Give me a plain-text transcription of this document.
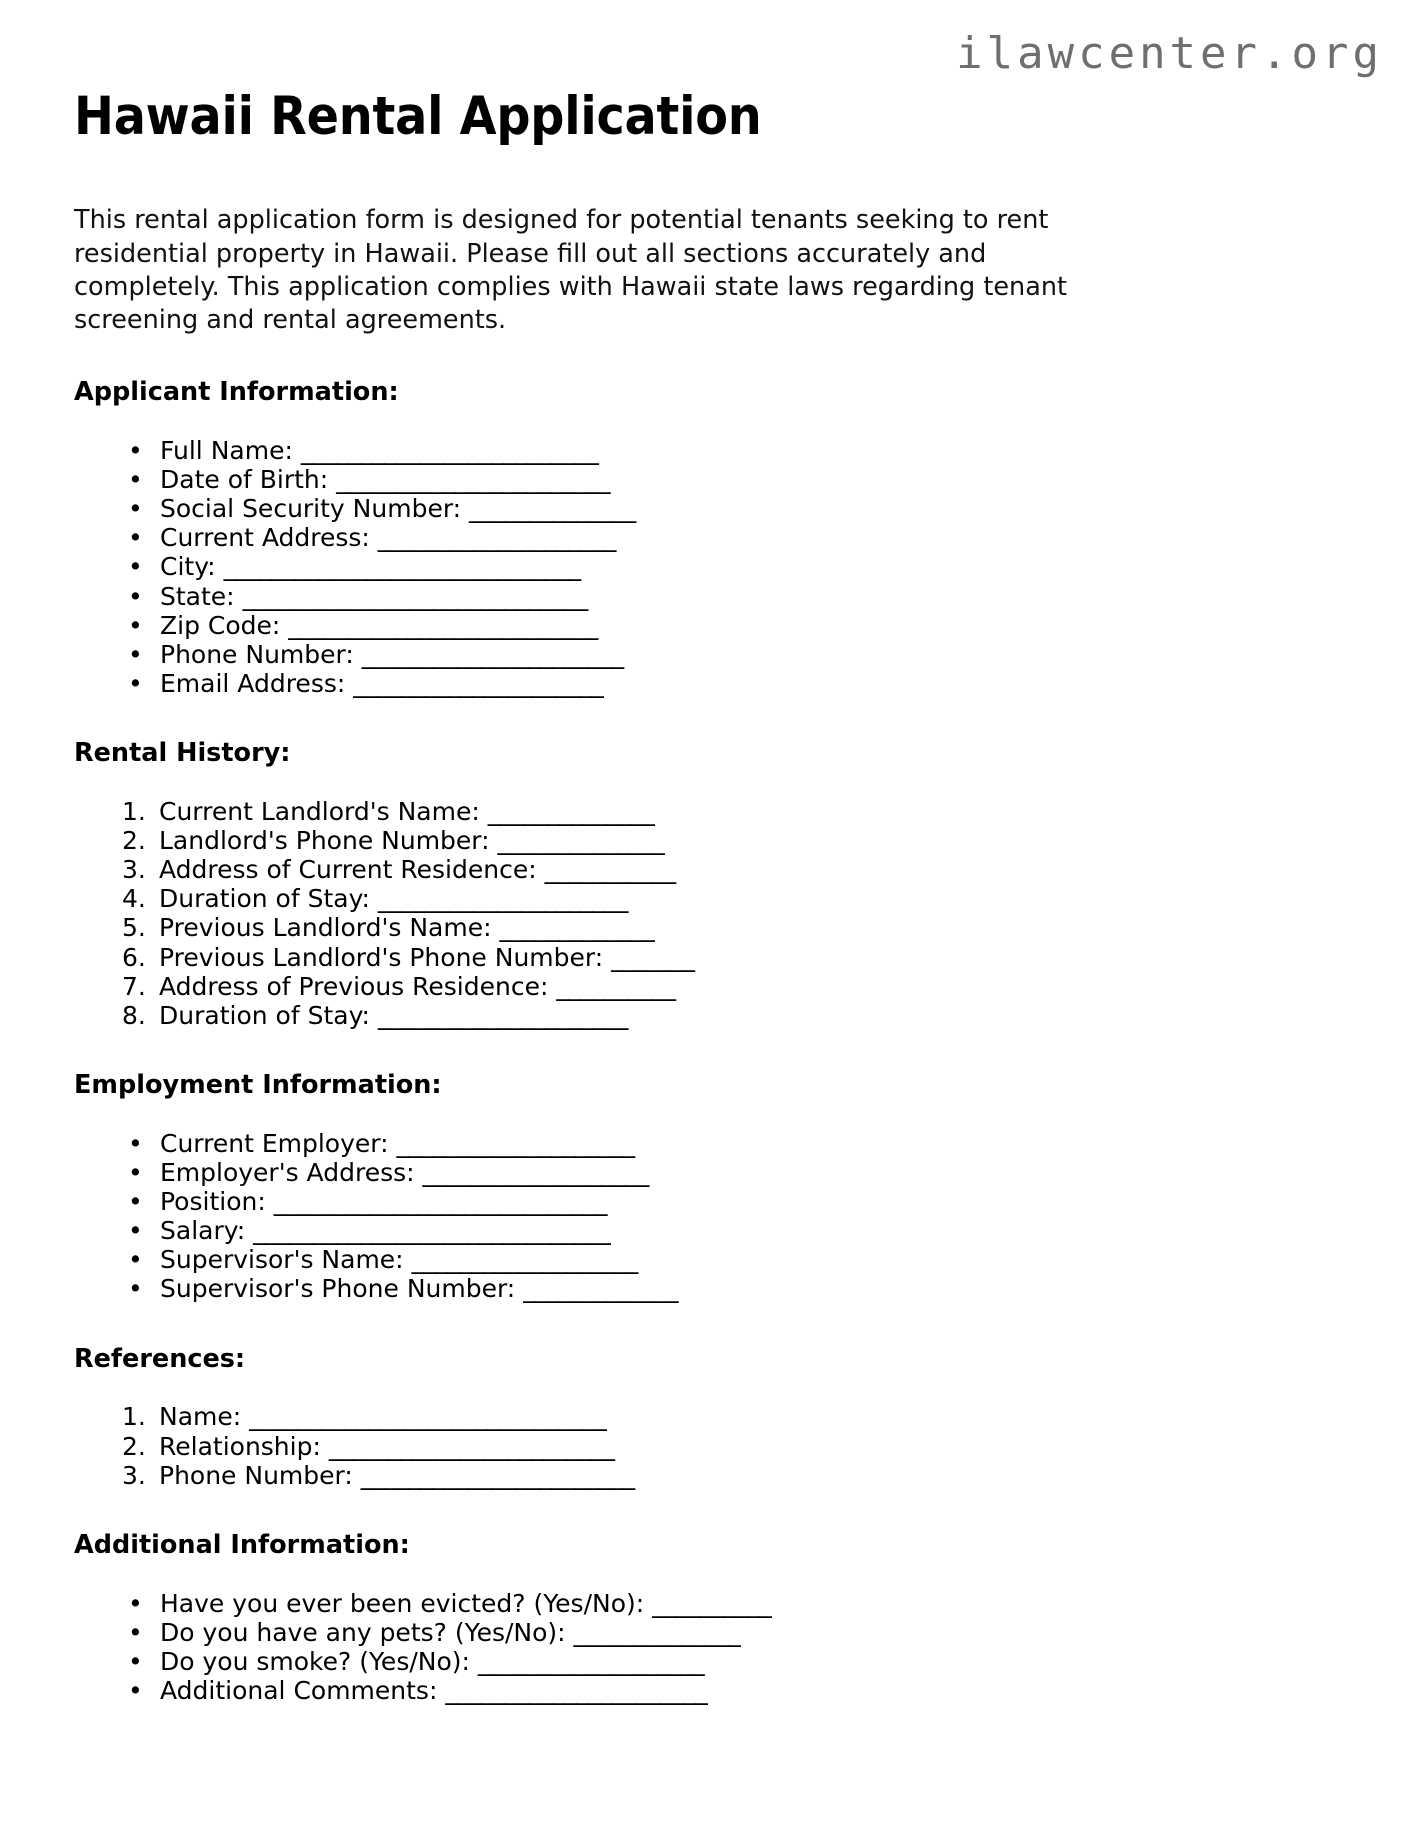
ilawcenter.org
Hawaii Rental Application

This rental application form is designed for potential tenants seeking to rent residential property in Hawaii. Please fill out all sections accurately and completely. This application complies with Hawaii state laws regarding tenant screening and rental agreements.

Applicant Information:
• Full Name: _________________________
• Date of Birth: _______________________
• Social Security Number: ______________
• Current Address: ____________________
• City: ______________________________
• State: _____________________________
• Zip Code: __________________________
• Phone Number: ______________________
• Email Address: _____________________
Rental History:
1. Current Landlord's Name: ______________
2. Landlord's Phone Number: ______________
3. Address of Current Residence: ___________
4. Duration of Stay: _____________________
5. Previous Landlord's Name: _____________
6. Previous Landlord's Phone Number: _______
7. Address of Previous Residence: __________
8. Duration of Stay: _____________________
Employment Information:
• Current Employer: ____________________
• Employer's Address: ___________________
• Position: ____________________________
• Salary: ______________________________
• Supervisor's Name: ___________________
• Supervisor's Phone Number: _____________
References:
1. Name: ______________________________
2. Relationship: ________________________
3. Phone Number: _______________________
Additional Information:
• Have you ever been evicted? (Yes/No): __________
• Do you have any pets? (Yes/No): ______________
• Do you smoke? (Yes/No): ___________________
• Additional Comments: ______________________
